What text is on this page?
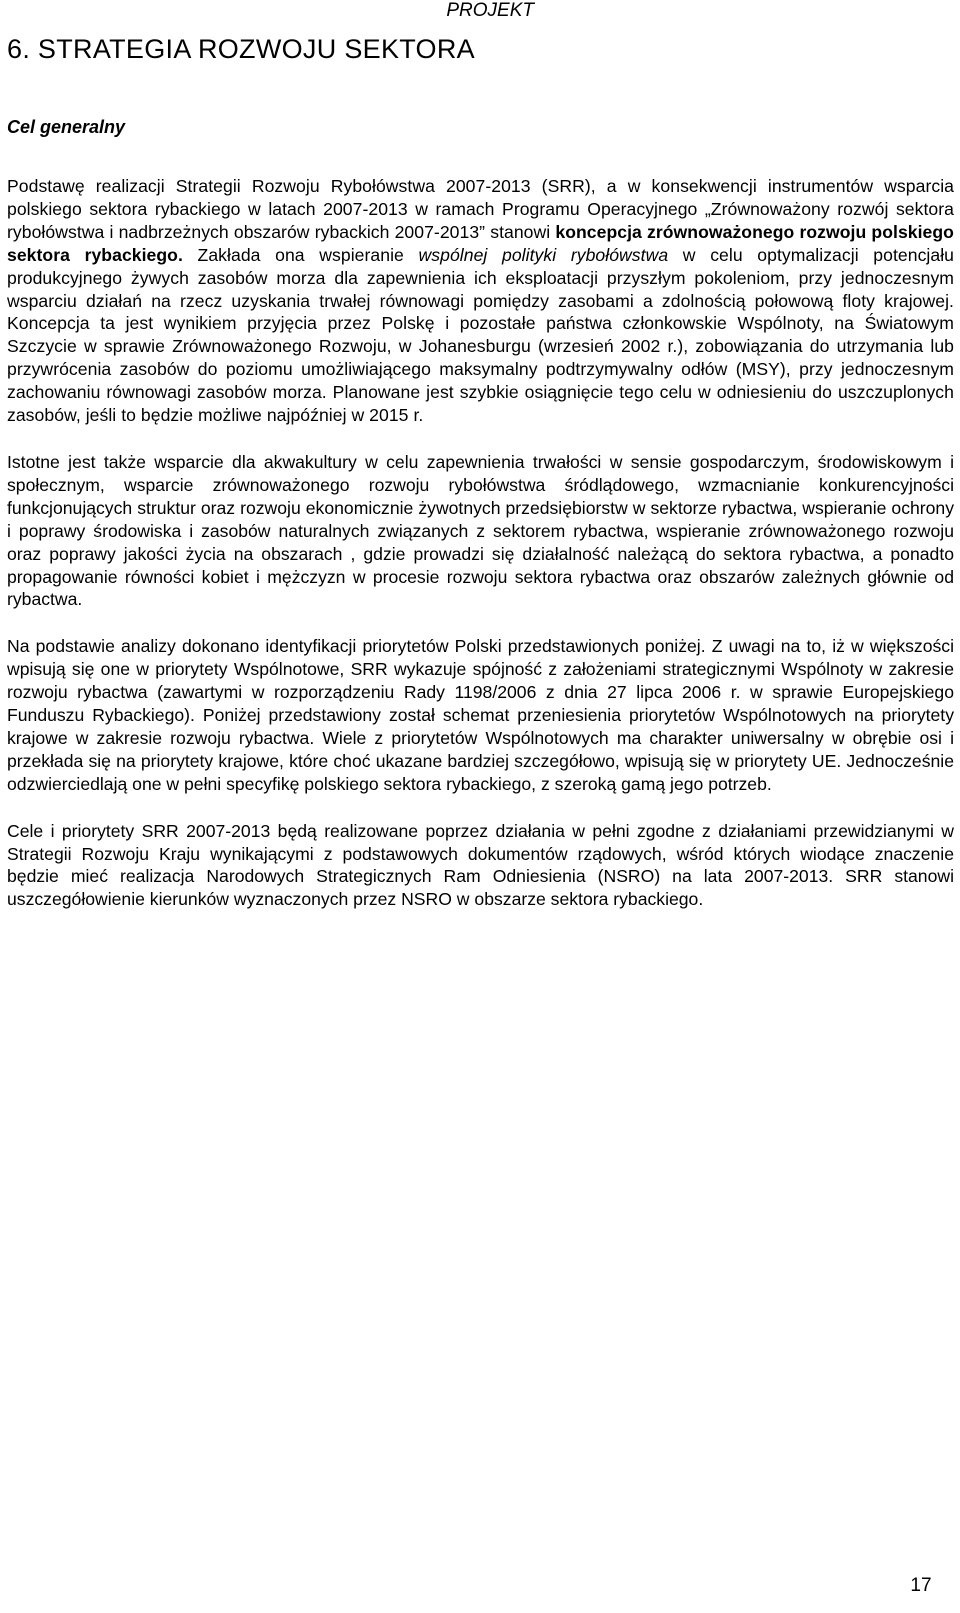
PROJEKT
6. STRATEGIA ROZWOJU SEKTORA
Cel generalny

Podstawę realizacji Strategii Rozwoju Rybołówstwa 2007-2013 (SRR), a w konsekwencji instrumentów wsparcia polskiego sektora rybackiego w latach 2007-2013 w ramach Programu Operacyjnego „Zrównoważony rozwój sektora rybołówstwa i nadbrzeżnych obszarów rybackich 2007-2013” stanowi koncepcja zrównoważonego rozwoju polskiego sektora rybackiego. Zakłada ona wspieranie wspólnej polityki rybołówstwa w celu optymalizacji potencjału produkcyjnego żywych zasobów morza dla zapewnienia ich eksploatacji przyszłym pokoleniom, przy jednoczesnym wsparciu działań na rzecz uzyskania trwałej równowagi pomiędzy zasobami a zdolnością połowową floty krajowej. Koncepcja ta jest wynikiem przyjęcia przez Polskę i pozostałe państwa członkowskie Wspólnoty, na Światowym Szczycie w sprawie Zrównoważonego Rozwoju, w Johanesburgu (wrzesień 2002 r.), zobowiązania do utrzymania lub przywrócenia zasobów do poziomu umożliwiającego maksymalny podtrzymywalny odłów (MSY), przy jednoczesnym zachowaniu równowagi zasobów morza. Planowane jest szybkie osiągnięcie tego celu w odniesieniu do uszczuplonych zasobów, jeśli to będzie możliwe najpóźniej w 2015 r.

Istotne jest także wsparcie dla akwakultury w celu zapewnienia trwałości w sensie gospodarczym, środowiskowym i społecznym, wsparcie zrównoważonego rozwoju rybołówstwa śródlądowego, wzmacnianie konkurencyjności funkcjonujących struktur oraz rozwoju ekonomicznie żywotnych przedsiębiorstw w sektorze rybactwa, wspieranie ochrony i poprawy środowiska i zasobów naturalnych związanych z sektorem rybactwa, wspieranie zrównoważonego rozwoju oraz poprawy jakości życia na obszarach , gdzie prowadzi się działalność należącą do sektora rybactwa, a ponadto propagowanie równości kobiet i mężczyzn w procesie rozwoju sektora rybactwa oraz obszarów zależnych głównie od rybactwa.

Na podstawie analizy dokonano identyfikacji priorytetów Polski przedstawionych poniżej. Z uwagi na to, iż w większości wpisują się one w priorytety Wspólnotowe, SRR wykazuje spójność z założeniami strategicznymi Wspólnoty w zakresie rozwoju rybactwa (zawartymi w rozporządzeniu Rady 1198/2006 z dnia 27 lipca 2006 r. w sprawie Europejskiego Funduszu Rybackiego). Poniżej przedstawiony został schemat przeniesienia priorytetów Wspólnotowych na priorytety krajowe w zakresie rozwoju rybactwa. Wiele z priorytetów Wspólnotowych ma charakter uniwersalny w obrębie osi i przekłada się na priorytety krajowe, które choć ukazane bardziej szczegółowo, wpisują się w priorytety UE. Jednocześnie odzwierciedlają one w pełni specyfikę polskiego sektora rybackiego, z szeroką gamą jego potrzeb.

Cele i priorytety SRR 2007-2013 będą realizowane poprzez działania w pełni zgodne z działaniami przewidzianymi w Strategii Rozwoju Kraju wynikającymi z podstawowych dokumentów rządowych, wśród których wiodące znaczenie będzie mieć realizacja Narodowych Strategicznych Ram Odniesienia (NSRO) na lata 2007-2013. SRR stanowi uszczegółowienie kierunków wyznaczonych przez NSRO w obszarze sektora rybackiego.

17
